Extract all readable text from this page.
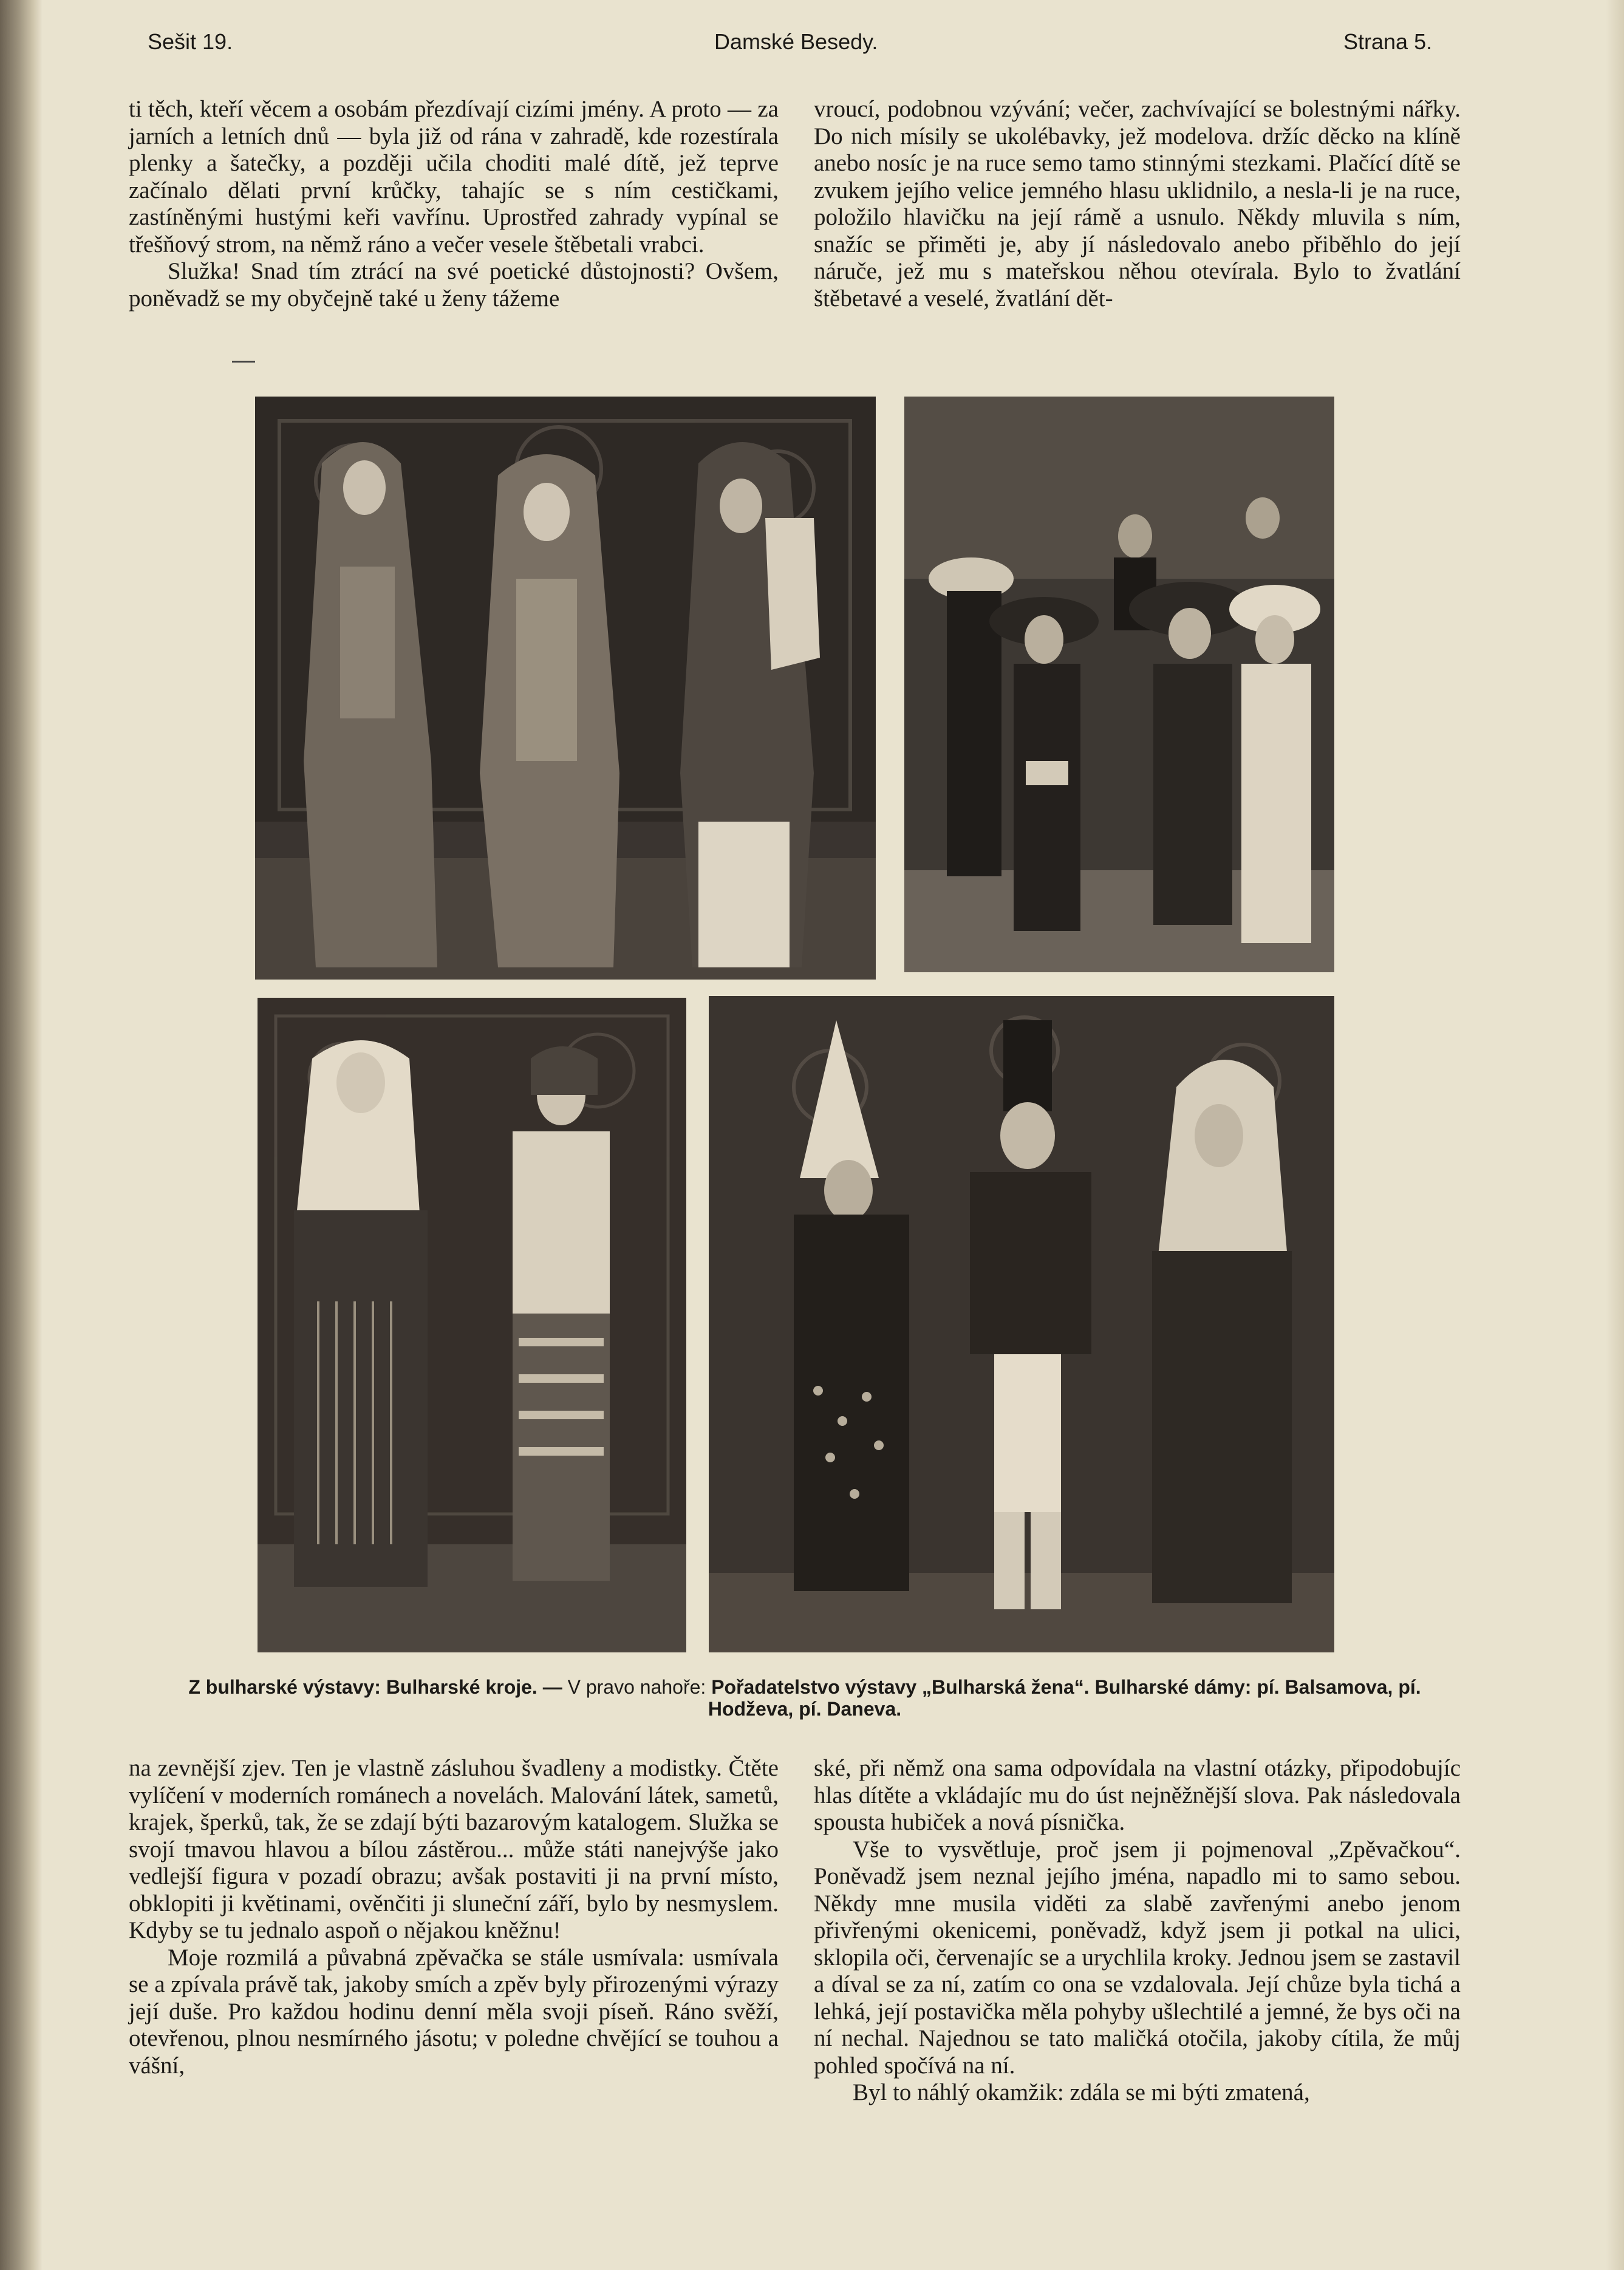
Sešit 19.	Damské Besedy.	Strana 5.

ti těch, kteří věcem a osobám přezdívají cizími jmény. A proto — za jarních a letních dnů — byla již od rána v zahradě, kde rozestírala plenky a šatečky, a později učila choditi malé dítě, jež teprve začínalo dělati první krůčky, tahajíc se s ním cestičkami, zastíněnými hustými keři vavřínu. Uprostřed zahrady vypínal se třešňový strom, na němž ráno a večer vesele štěbetali vrabci.

Služka! Snad tím ztrácí na své poetické důstojnosti? Ovšem, poněvadž se my obyčejně také u ženy tážeme

vroucí, podobnou vzývání; večer, zachvívající se bolestnými nářky. Do nich mísily se ukolébavky, jež modelova. držíc děcko na klíně anebo nosíc je na ruce semo tamo stinnými stezkami. Plačící dítě se zvukem jejího velice jemného hlasu uklidnilo, a nesla-li je na ruce, položilo hlavičku na její rámě a usnulo. Někdy mluvila s ním, snažíc se přiměti je, aby jí následovalo anebo přiběhlo do její náruče, jež mu s mateřskou něhou otevírala. Bylo to žvatlání štěbetavé a veselé, žvatlání dět-

Z bulharské výstavy: Bulharské kroje. — V pravo nahoře: Pořadatelstvo výstavy „Bulharská žena“. Bulharské dámy: pí. Balsamova, pí. Hodževa, pí. Daneva.

na zevnější zjev. Ten je vlastně zásluhou švadleny a modistky. Čtěte vylíčení v moderních románech a novelách. Malování látek, sametů, krajek, šperků, tak, že se zdají býti bazarovým katalogem. Služka se svojí tmavou hlavou a bílou zástěrou... může státi nanejvýše jako vedlejší figura v pozadí obrazu; avšak postaviti ji na první místo, obklopiti ji květinami, ověnčiti ji sluneční září, bylo by nesmyslem. Kdyby se tu jednalo aspoň o nějakou kněžnu!

Moje rozmilá a půvabná zpěvačka se stále usmívala: usmívala se a zpívala právě tak, jakoby smích a zpěv byly přirozenými výrazy její duše. Pro každou hodinu denní měla svoji píseň. Ráno svěží, otevřenou, plnou nesmírného jásotu; v poledne chvějící se touhou a vášní,

ské, při němž ona sama odpovídala na vlastní otázky, připodobujíc hlas dítěte a vkládajíc mu do úst nejněžnější slova. Pak následovala spousta hubiček a nová písnička.

Vše to vysvětluje, proč jsem ji pojmenoval „Zpěvačkou“. Poněvadž jsem neznal jejího jména, napadlo mi to samo sebou. Někdy mne musila viděti za slabě zavřenými anebo jenom přivřenými okenicemi, poněvadž, když jsem ji potkal na ulici, sklopila oči, červenajíc se a urychlila kroky. Jednou jsem se zastavil a díval se za ní, zatím co ona se vzdalovala. Její chůze byla tichá a lehká, její postavička měla pohyby ušlechtilé a jemné, že bys oči na ní nechal. Najednou se tato maličká otočila, jakoby cítila, že můj pohled spočívá na ní.

Byl to náhlý okamžik: zdála se mi býti zmatená,
